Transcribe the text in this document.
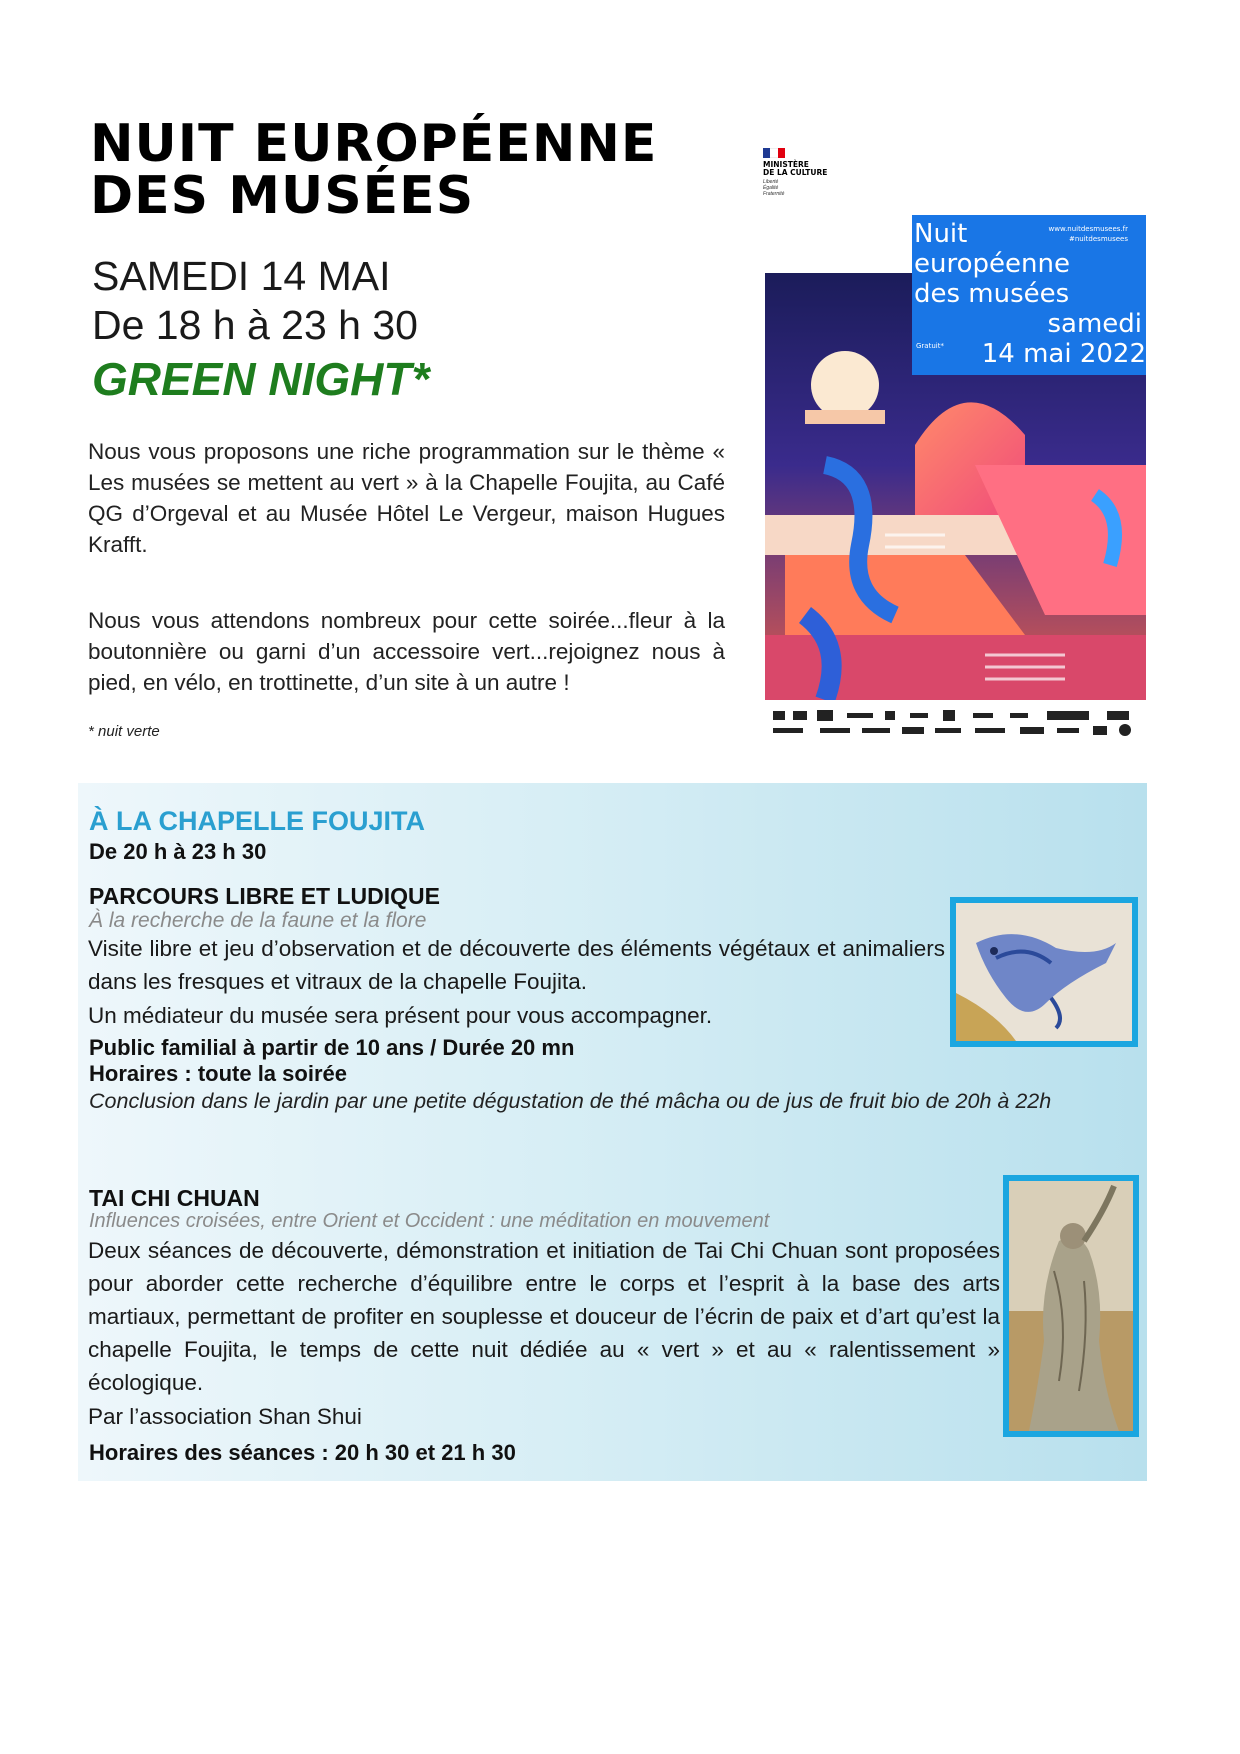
NUIT EUROPÉENNE
DES MUSÉES
SAMEDI 14 MAI
De 18 h à 23 h 30
GREEN NIGHT*

Nous vous proposons une riche programmation sur le thème « Les musées se mettent au vert » à la Chapelle Foujita, au Café QG d’Orgeval et au Musée Hôtel Le Vergeur, maison Hugues Krafft.

Nous vous attendons nombreux pour cette soirée...fleur à la boutonnière ou garni d’un accessoire vert...rejoignez nous à pied, en vélo, en trottinette, d’un site à un autre !

* nuit verte
MINISTÈRE
DE LA CULTURE
Liberté
Égalité
Fraternité
Nuit
européenne
des musées
samedi
14 mai 2022
www.nuitdesmusees.fr
#nuitdesmusees
Gratuit*
À LA CHAPELLE FOUJITA
De 20 h à 23 h 30
PARCOURS LIBRE ET LUDIQUE
À la recherche de la faune et la flore
Visite libre et jeu d’observation et de découverte des éléments végétaux et animaliers dans les fresques et vitraux de la chapelle Foujita.
Un médiateur du musée sera présent pour vous accompagner.
Public familial à partir de 10 ans / Durée 20 mn
Horaires : toute la soirée
Conclusion dans le jardin par une petite dégustation de thé mâcha ou de jus de fruit bio de 20h à 22h
TAI CHI CHUAN
Influences croisées, entre Orient et Occident : une méditation en mouvement
Deux séances de découverte, démonstration et initiation de Tai Chi Chuan sont proposées pour aborder cette recherche d’équilibre entre le corps et l’esprit à la base des arts martiaux, permettant de profiter en souplesse et douceur de l’écrin de paix et d’art qu’est la chapelle Foujita, le temps de cette nuit dédiée au « vert » et au « ralentissement » écologique.
Par l’association Shan Shui
Horaires des séances : 20 h 30 et 21 h 30
